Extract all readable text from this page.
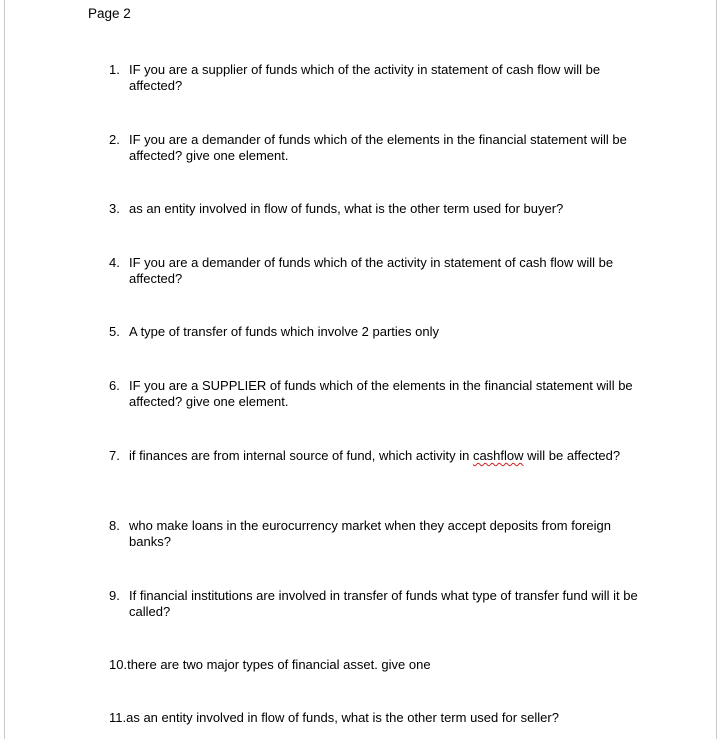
Page 2
1. IF you are a supplier of funds which of the activity in statement of cash flow will be affected?
2. IF you are a demander of funds which of the elements in the financial statement will be affected? give one element.
3. as an entity involved in flow of funds, what is the other term used for buyer?
4. IF you are a demander of funds which of the activity in statement of cash flow will be affected?
5. A type of transfer of funds which involve 2 parties only
6. IF you are a SUPPLIER of funds which of the elements in the financial statement will be affected? give one element.
7. if finances are from internal source of fund, which activity in cashflow will be affected?
8. who make loans in the eurocurrency market when they accept deposits from foreign banks?
9. If financial institutions are involved in transfer of funds what type of transfer fund will it be called?
10.there are two major types of financial asset. give one
11.as an entity involved in flow of funds, what is the other term used for seller?
